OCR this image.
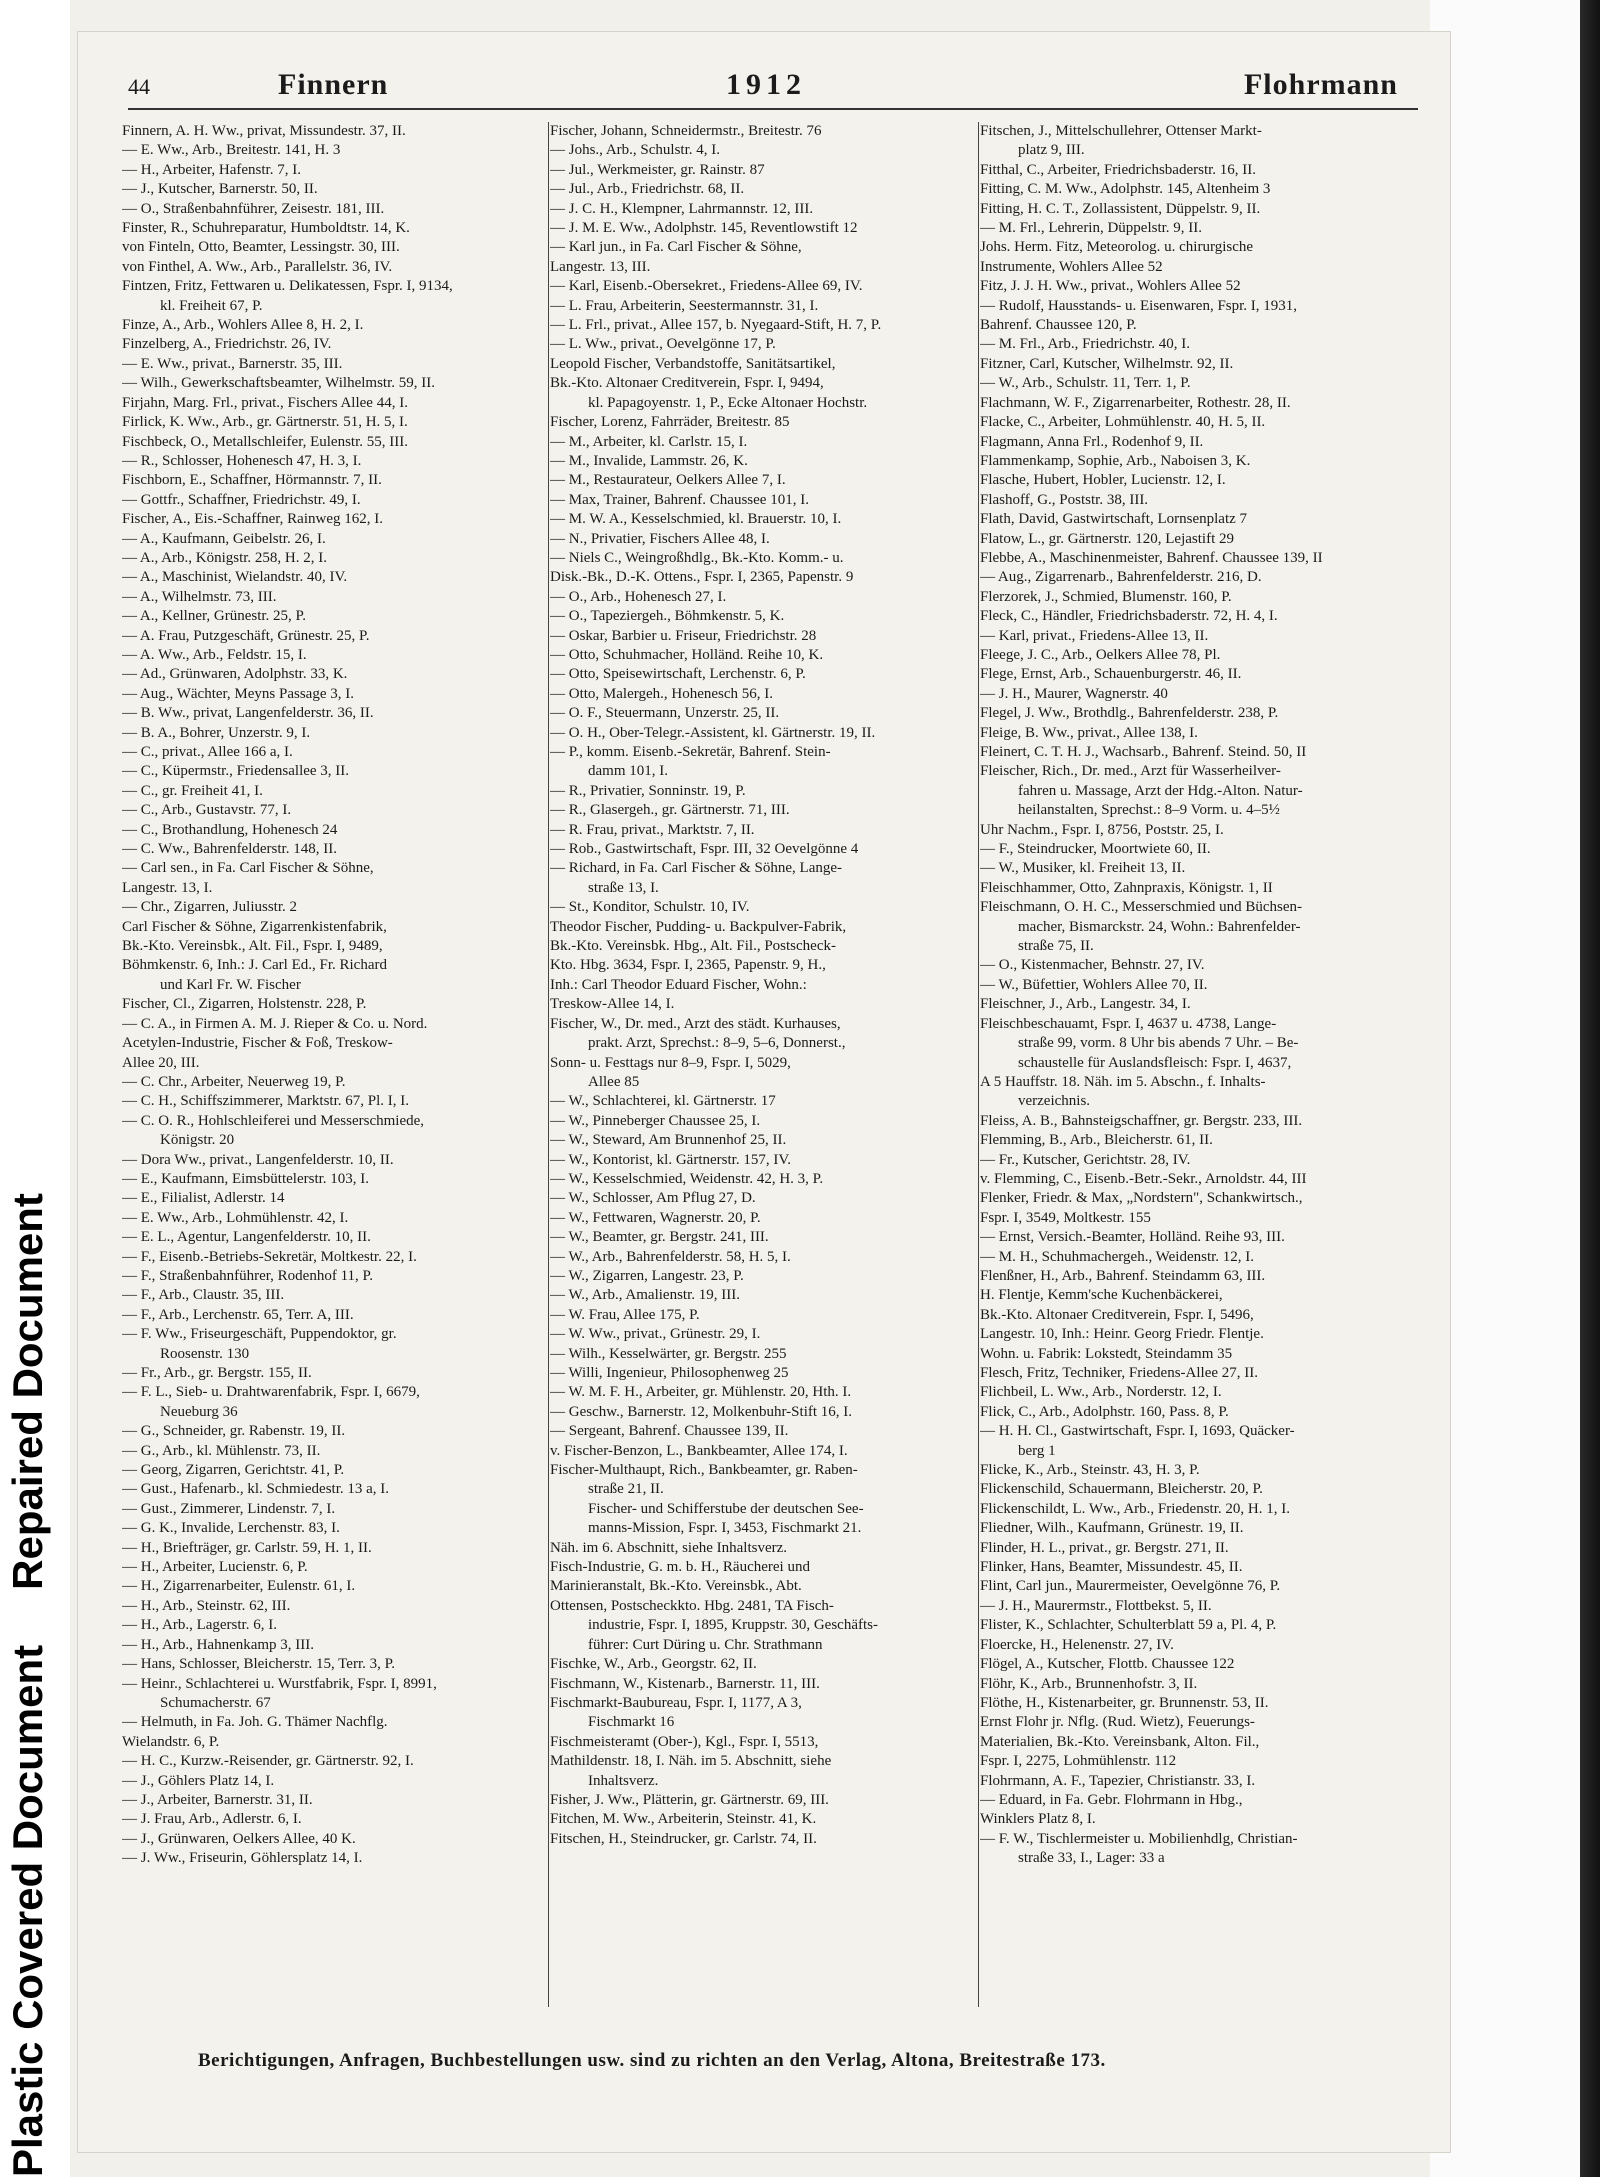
Plastic Covered DocumentRepaired Document
44	Finnern	1912	Flohrmann

Finnern, A. H. Ww., privat, Missundestr. 37, II.

— E. Ww., Arb., Breitestr. 141, H. 3

— H., Arbeiter, Hafenstr. 7, I.

— J., Kutscher, Barnerstr. 50, II.

— O., Straßenbahnführer, Zeisestr. 181, III.

Finster, R., Schuhreparatur, Humboldtstr. 14, K.

von Finteln, Otto, Beamter, Lessingstr. 30, III.

von Finthel, A. Ww., Arb., Parallelstr. 36, IV.

Fintzen, Fritz, Fettwaren u. Delikatessen, Fspr. I, 9134,

kl. Freiheit 67, P.

Finze, A., Arb., Wohlers Allee 8, H. 2, I.

Finzelberg, A., Friedrichstr. 26, IV.

— E. Ww., privat., Barnerstr. 35, III.

— Wilh., Gewerkschaftsbeamter, Wilhelmstr. 59, II.

Firjahn, Marg. Frl., privat., Fischers Allee 44, I.

Firlick, K. Ww., Arb., gr. Gärtnerstr. 51, H. 5, I.

Fischbeck, O., Metallschleifer, Eulenstr. 55, III.

— R., Schlosser, Hohenesch 47, H. 3, I.

Fischborn, E., Schaffner, Hörmannstr. 7, II.

— Gottfr., Schaffner, Friedrichstr. 49, I.

Fischer, A., Eis.-Schaffner, Rainweg 162, I.

— A., Kaufmann, Geibelstr. 26, I.

— A., Arb., Königstr. 258, H. 2, I.

— A., Maschinist, Wielandstr. 40, IV.

— A., Wilhelmstr. 73, III.

— A., Kellner, Grünestr. 25, P.

— A. Frau, Putzgeschäft, Grünestr. 25, P.

— A. Ww., Arb., Feldstr. 15, I.

— Ad., Grünwaren, Adolphstr. 33, K.

— Aug., Wächter, Meyns Passage 3, I.

— B. Ww., privat, Langenfelderstr. 36, II.

— B. A., Bohrer, Unzerstr. 9, I.

— C., privat., Allee 166 a, I.

— C., Küpermstr., Friedensallee 3, II.

— C., gr. Freiheit 41, I.

— C., Arb., Gustavstr. 77, I.

— C., Brothandlung, Hohenesch 24

— C. Ww., Bahrenfelderstr. 148, II.

— Carl sen., in Fa. Carl Fischer & Söhne,

Langestr. 13, I.

— Chr., Zigarren, Juliusstr. 2

Carl Fischer & Söhne, Zigarrenkistenfabrik,

Bk.-Kto. Vereinsbk., Alt. Fil., Fspr. I, 9489,

Böhmkenstr. 6, Inh.: J. Carl Ed., Fr. Richard

und Karl Fr. W. Fischer

Fischer, Cl., Zigarren, Holstenstr. 228, P.

— C. A., in Firmen A. M. J. Rieper & Co. u. Nord.

Acetylen-Industrie, Fischer & Foß, Treskow-

Allee 20, III.

— C. Chr., Arbeiter, Neuerweg 19, P.

— C. H., Schiffszimmerer, Marktstr. 67, Pl. I, I.

— C. O. R., Hohlschleiferei und Messerschmiede,

Königstr. 20

— Dora Ww., privat., Langenfelderstr. 10, II.

— E., Kaufmann, Eimsbüttelerstr. 103, I.

— E., Filialist, Adlerstr. 14

— E. Ww., Arb., Lohmühlenstr. 42, I.

— E. L., Agentur, Langenfelderstr. 10, II.

— F., Eisenb.-Betriebs-Sekretär, Moltkestr. 22, I.

— F., Straßenbahnführer, Rodenhof 11, P.

— F., Arb., Claustr. 35, III.

— F., Arb., Lerchenstr. 65, Terr. A, III.

— F. Ww., Friseurgeschäft, Puppendoktor, gr.

Roosenstr. 130

— Fr., Arb., gr. Bergstr. 155, II.

— F. L., Sieb- u. Drahtwarenfabrik, Fspr. I, 6679,

Neueburg 36

— G., Schneider, gr. Rabenstr. 19, II.

— G., Arb., kl. Mühlenstr. 73, II.

— Georg, Zigarren, Gerichtstr. 41, P.

— Gust., Hafenarb., kl. Schmiedestr. 13 a, I.

— Gust., Zimmerer, Lindenstr. 7, I.

— G. K., Invalide, Lerchenstr. 83, I.

— H., Briefträger, gr. Carlstr. 59, H. 1, II.

— H., Arbeiter, Lucienstr. 6, P.

— H., Zigarrenarbeiter, Eulenstr. 61, I.

— H., Arb., Steinstr. 62, III.

— H., Arb., Lagerstr. 6, I.

— H., Arb., Hahnenkamp 3, III.

— Hans, Schlosser, Bleicherstr. 15, Terr. 3, P.

— Heinr., Schlachterei u. Wurstfabrik, Fspr. I, 8991,

Schumacherstr. 67

— Helmuth, in Fa. Joh. G. Thämer Nachflg.

Wielandstr. 6, P.

— H. C., Kurzw.-Reisender, gr. Gärtnerstr. 92, I.

— J., Göhlers Platz 14, I.

— J., Arbeiter, Barnerstr. 31, II.

— J. Frau, Arb., Adlerstr. 6, I.

— J., Grünwaren, Oelkers Allee, 40 K.

— J. Ww., Friseurin, Göhlersplatz 14, I.

Fischer, Johann, Schneidermstr., Breitestr. 76

— Johs., Arb., Schulstr. 4, I.

— Jul., Werkmeister, gr. Rainstr. 87

— Jul., Arb., Friedrichstr. 68, II.

— J. C. H., Klempner, Lahrmannstr. 12, III.

— J. M. E. Ww., Adolphstr. 145, Reventlowstift 12

— Karl jun., in Fa. Carl Fischer & Söhne,

Langestr. 13, III.

— Karl, Eisenb.-Obersekret., Friedens-Allee 69, IV.

— L. Frau, Arbeiterin, Seestermannstr. 31, I.

— L. Frl., privat., Allee 157, b. Nyegaard-Stift, H. 7, P.

— L. Ww., privat., Oevelgönne 17, P.

Leopold Fischer, Verbandstoffe, Sanitätsartikel,

Bk.-Kto. Altonaer Creditverein, Fspr. I, 9494,

kl. Papagoyenstr. 1, P., Ecke Altonaer Hochstr.

Fischer, Lorenz, Fahrräder, Breitestr. 85

— M., Arbeiter, kl. Carlstr. 15, I.

— M., Invalide, Lammstr. 26, K.

— M., Restaurateur, Oelkers Allee 7, I.

— Max, Trainer, Bahrenf. Chaussee 101, I.

— M. W. A., Kesselschmied, kl. Brauerstr. 10, I.

— N., Privatier, Fischers Allee 48, I.

— Niels C., Weingroßhdlg., Bk.-Kto. Komm.- u.

Disk.-Bk., D.-K. Ottens., Fspr. I, 2365, Papenstr. 9

— O., Arb., Hohenesch 27, I.

— O., Tapeziergeh., Böhmkenstr. 5, K.

— Oskar, Barbier u. Friseur, Friedrichstr. 28

— Otto, Schuhmacher, Holländ. Reihe 10, K.

— Otto, Speisewirtschaft, Lerchenstr. 6, P.

— Otto, Malergeh., Hohenesch 56, I.

— O. F., Steuermann, Unzerstr. 25, II.

— O. H., Ober-Telegr.-Assistent, kl. Gärtnerstr. 19, II.

— P., komm. Eisenb.-Sekretär, Bahrenf. Stein-

damm 101, I.

— R., Privatier, Sonninstr. 19, P.

— R., Glasergeh., gr. Gärtnerstr. 71, III.

— R. Frau, privat., Marktstr. 7, II.

— Rob., Gastwirtschaft, Fspr. III, 32 Oevelgönne 4

— Richard, in Fa. Carl Fischer & Söhne, Lange-

straße 13, I.

— St., Konditor, Schulstr. 10, IV.

Theodor Fischer, Pudding- u. Backpulver-Fabrik,

Bk.-Kto. Vereinsbk. Hbg., Alt. Fil., Postscheck-

Kto. Hbg. 3634, Fspr. I, 2365, Papenstr. 9, H.,

Inh.: Carl Theodor Eduard Fischer, Wohn.:

Treskow-Allee 14, I.

Fischer, W., Dr. med., Arzt des städt. Kurhauses,

prakt. Arzt, Sprechst.: 8–9, 5–6, Donnerst.,

Sonn- u. Festtags nur 8–9, Fspr. I, 5029,

Allee 85

— W., Schlachterei, kl. Gärtnerstr. 17

— W., Pinneberger Chaussee 25, I.

— W., Steward, Am Brunnenhof 25, II.

— W., Kontorist, kl. Gärtnerstr. 157, IV.

— W., Kesselschmied, Weidenstr. 42, H. 3, P.

— W., Schlosser, Am Pflug 27, D.

— W., Fettwaren, Wagnerstr. 20, P.

— W., Beamter, gr. Bergstr. 241, III.

— W., Arb., Bahrenfelderstr. 58, H. 5, I.

— W., Zigarren, Langestr. 23, P.

— W., Arb., Amalienstr. 19, III.

— W. Frau, Allee 175, P.

— W. Ww., privat., Grünestr. 29, I.

— Wilh., Kesselwärter, gr. Bergstr. 255

— Willi, Ingenieur, Philosophenweg 25

— W. M. F. H., Arbeiter, gr. Mühlenstr. 20, Hth. I.

— Geschw., Barnerstr. 12, Molkenbuhr-Stift 16, I.

— Sergeant, Bahrenf. Chaussee 139, II.

v. Fischer-Benzon, L., Bankbeamter, Allee 174, I.

Fischer-Multhaupt, Rich., Bankbeamter, gr. Raben-

straße 21, II.

Fischer- und Schifferstube der deutschen See-

manns-Mission, Fspr. I, 3453, Fischmarkt 21.

Näh. im 6. Abschnitt, siehe Inhaltsverz.

Fisch-Industrie, G. m. b. H., Räucherei und

Marinieranstalt, Bk.-Kto. Vereinsbk., Abt.

Ottensen, Postscheckkto. Hbg. 2481, TA Fisch-

industrie, Fspr. I, 1895, Kruppstr. 30, Geschäfts-

führer: Curt Düring u. Chr. Strathmann

Fischke, W., Arb., Georgstr. 62, II.

Fischmann, W., Kistenarb., Barnerstr. 11, III.

Fischmarkt-Baubureau, Fspr. I, 1177, A 3,

Fischmarkt 16

Fischmeisteramt (Ober-), Kgl., Fspr. I, 5513,

Mathildenstr. 18, I. Näh. im 5. Abschnitt, siehe

Inhaltsverz.

Fisher, J. Ww., Plätterin, gr. Gärtnerstr. 69, III.

Fitchen, M. Ww., Arbeiterin, Steinstr. 41, K.

Fitschen, H., Steindrucker, gr. Carlstr. 74, II.

Fitschen, J., Mittelschullehrer, Ottenser Markt-

platz 9, III.

Fitthal, C., Arbeiter, Friedrichsbaderstr. 16, II.

Fitting, C. M. Ww., Adolphstr. 145, Altenheim 3

Fitting, H. C. T., Zollassistent, Düppelstr. 9, II.

— M. Frl., Lehrerin, Düppelstr. 9, II.

Johs. Herm. Fitz, Meteorolog. u. chirurgische

Instrumente, Wohlers Allee 52

Fitz, J. J. H. Ww., privat., Wohlers Allee 52

— Rudolf, Hausstands- u. Eisenwaren, Fspr. I, 1931,

Bahrenf. Chaussee 120, P.

— M. Frl., Arb., Friedrichstr. 40, I.

Fitzner, Carl, Kutscher, Wilhelmstr. 92, II.

— W., Arb., Schulstr. 11, Terr. 1, P.

Flachmann, W. F., Zigarrenarbeiter, Rothestr. 28, II.

Flacke, C., Arbeiter, Lohmühlenstr. 40, H. 5, II.

Flagmann, Anna Frl., Rodenhof 9, II.

Flammenkamp, Sophie, Arb., Naboisen 3, K.

Flasche, Hubert, Hobler, Lucienstr. 12, I.

Flashoff, G., Poststr. 38, III.

Flath, David, Gastwirtschaft, Lornsenplatz 7

Flatow, L., gr. Gärtnerstr. 120, Lejastift 29

Flebbe, A., Maschinenmeister, Bahrenf. Chaussee 139, II

— Aug., Zigarrenarb., Bahrenfelderstr. 216, D.

Flerzorek, J., Schmied, Blumenstr. 160, P.

Fleck, C., Händler, Friedrichsbaderstr. 72, H. 4, I.

— Karl, privat., Friedens-Allee 13, II.

Fleege, J. C., Arb., Oelkers Allee 78, Pl.

Flege, Ernst, Arb., Schauenburgerstr. 46, II.

— J. H., Maurer, Wagnerstr. 40

Flegel, J. Ww., Brothdlg., Bahrenfelderstr. 238, P.

Fleige, B. Ww., privat., Allee 138, I.

Fleinert, C. T. H. J., Wachsarb., Bahrenf. Steind. 50, II

Fleischer, Rich., Dr. med., Arzt für Wasserheilver-

fahren u. Massage, Arzt der Hdg.-Alton. Natur-

heilanstalten, Sprechst.: 8–9 Vorm. u. 4–5½

Uhr Nachm., Fspr. I, 8756, Poststr. 25, I.

— F., Steindrucker, Moortwiete 60, II.

— W., Musiker, kl. Freiheit 13, II.

Fleischhammer, Otto, Zahnpraxis, Königstr. 1, II

Fleischmann, O. H. C., Messerschmied und Büchsen-

macher, Bismarckstr. 24, Wohn.: Bahrenfelder-

straße 75, II.

— O., Kistenmacher, Behnstr. 27, IV.

— W., Büfettier, Wohlers Allee 70, II.

Fleischner, J., Arb., Langestr. 34, I.

Fleischbeschauamt, Fspr. I, 4637 u. 4738, Lange-

straße 99, vorm. 8 Uhr bis abends 7 Uhr. – Be-

schaustelle für Auslandsfleisch: Fspr. I, 4637,

A 5 Hauffstr. 18. Näh. im 5. Abschn., f. Inhalts-

verzeichnis.

Fleiss, A. B., Bahnsteigschaffner, gr. Bergstr. 233, III.

Flemming, B., Arb., Bleicherstr. 61, II.

— Fr., Kutscher, Gerichtstr. 28, IV.

v. Flemming, C., Eisenb.-Betr.-Sekr., Arnoldstr. 44, III

Flenker, Friedr. & Max, „Nordstern", Schankwirtsch.,

Fspr. I, 3549, Moltkestr. 155

— Ernst, Versich.-Beamter, Holländ. Reihe 93, III.

— M. H., Schuhmachergeh., Weidenstr. 12, I.

Flenßner, H., Arb., Bahrenf. Steindamm 63, III.

H. Flentje, Kemm'sche Kuchenbäckerei,

Bk.-Kto. Altonaer Creditverein, Fspr. I, 5496,

Langestr. 10, Inh.: Heinr. Georg Friedr. Flentje.

Wohn. u. Fabrik: Lokstedt, Steindamm 35

Flesch, Fritz, Techniker, Friedens-Allee 27, II.

Flichbeil, L. Ww., Arb., Norderstr. 12, I.

Flick, C., Arb., Adolphstr. 160, Pass. 8, P.

— H. H. Cl., Gastwirtschaft, Fspr. I, 1693, Quäcker-

berg 1

Flicke, K., Arb., Steinstr. 43, H. 3, P.

Flickenschild, Schauermann, Bleicherstr. 20, P.

Flickenschildt, L. Ww., Arb., Friedenstr. 20, H. 1, I.

Fliedner, Wilh., Kaufmann, Grünestr. 19, II.

Flinder, H. L., privat., gr. Bergstr. 271, II.

Flinker, Hans, Beamter, Missundestr. 45, II.

Flint, Carl jun., Maurermeister, Oevelgönne 76, P.

— J. H., Maurermstr., Flottbekst. 5, II.

Flister, K., Schlachter, Schulterblatt 59 a, Pl. 4, P.

Floercke, H., Helenenstr. 27, IV.

Flögel, A., Kutscher, Flottb. Chaussee 122

Flöhr, K., Arb., Brunnenhofstr. 3, II.

Flöthe, H., Kistenarbeiter, gr. Brunnenstr. 53, II.

Ernst Flohr jr. Nflg. (Rud. Wietz), Feuerungs-

Materialien, Bk.-Kto. Vereinsbank, Alton. Fil.,

Fspr. I, 2275, Lohmühlenstr. 112

Flohrmann, A. F., Tapezier, Christianstr. 33, I.

— Eduard, in Fa. Gebr. Flohrmann in Hbg.,

Winklers Platz 8, I.

— F. W., Tischlermeister u. Mobilienhdlg, Christian-

straße 33, I., Lager: 33 a

Berichtigungen, Anfragen, Buchbestellungen usw. sind zu richten an den Verlag, Altona, Breitestraße 173.
